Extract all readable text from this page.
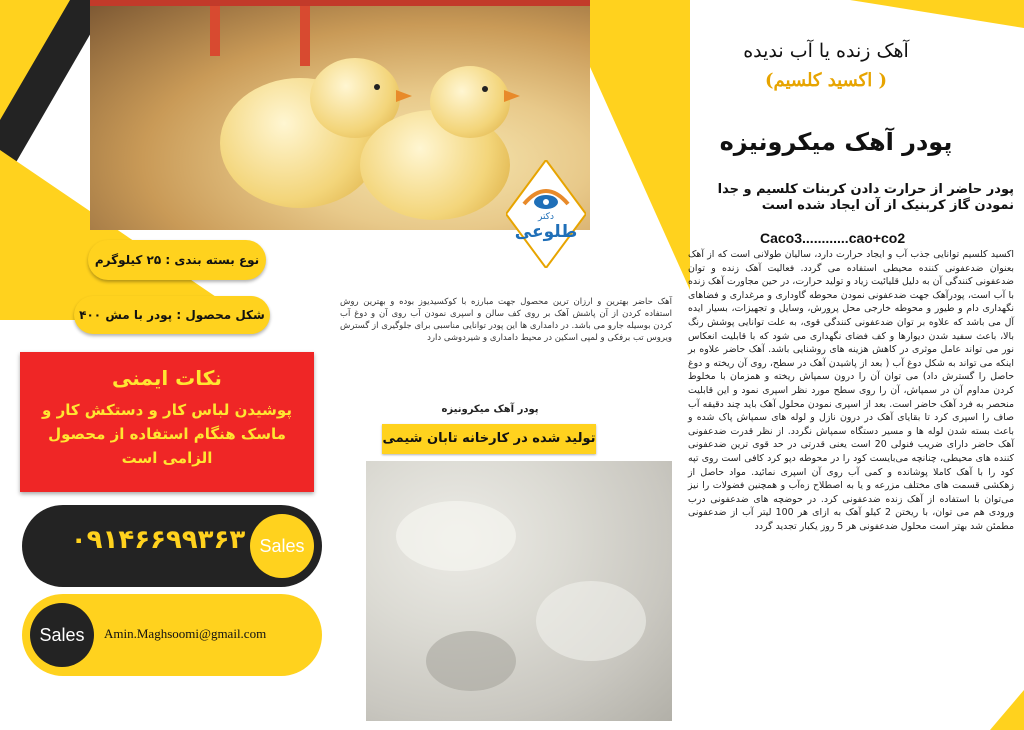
دکتر
طلوعی
نوع بسته بندی : ۲۵ کیلوگرم
شکل محصول : پودر با مش ۴۰۰
نکات ایمنی
پوشیدن لباس کار و دستکش کار و ماسک هنگام استفاده از محصول الزامی است
۰۹۱۴۶۶۹۹۳۶۳ Sales
Sales	Amin.Maghsoomi@gmail.com
آهک حاضر بهترین و ارزان ترین محصول جهت مبارزه با کوکسیدیوز بوده و بهترین روش استفاده کردن از آن پاشش آهک بر روی کف سالن و اسپری نمودن آب روی آن و دوغ آب کردن بوسیله جارو می باشد. در دامداری ها این پودر توانایی مناسبی برای جلوگیری از گسترش ویروس تب برفکی و لمپی اسکین در محیط دامداری و شیردوشی دارد
پودر آهک میکرونیزه
تولید شده در کارخانه تابان شیمی
آهک زنده یا آب ندیده
( اکسید کلسیم)
پودر آهک میکرونیزه
پودر حاضر از حرارت دادن کربنات کلسیم و جدا نمودن گاز کربنیک از آن ایجاد شده است
Caco3............cao+co2
اکسید کلسیم توانایی جذب آب و ایجاد حرارت دارد، سالیان طولانی است که از آهک بعنوان ضدعفونی کننده محیطی استفاده می گردد. فعالیت آهک زنده و توان ضدعفونی کنندگی آن به دلیل قلیائیت زیاد و تولید حرارت، در حین مجاورت آهک زنده با آب است، پودرآهک جهت ضدعفونی نمودن محوطه گاوداری و مرغداری و فضاهای نگهداری دام و طیور و محوطه خارجی محل پرورش، وسایل و تجهیزات، بسیار ایده آل می باشد که علاوه بر توان ضدعفونی کنندگی قوی، به علت توانایی پوشش رنگ بالا، باعث سفید شدن دیوارها و کف فضای نگهداری می شود که با قابلیت انعکاس نور می تواند عامل موثری در کاهش هزینه های روشنایی باشد. آهک حاضر علاوه بر اینکه می تواند به شکل دوغ آب ( بعد از پاشیدن آهک در سطح، روی آن ریخته و دوغ حاصل را گسترش داد) می توان آن را درون سمپاش ریخته و همزمان با مخلوط کردن مداوم آن در سمپاش، آن را روی سطح مورد نظر اسپری نمود و این قابلیت منحصر به فرد آهک حاضر است. بعد از اسپری نمودن محلول آهک باید چند دقیقه آب صاف را اسپری کرد تا بقایای آهک در درون نازل و لوله های سمپاش پاک شده و باعث بسته شدن لوله ها و مسیر دستگاه سمپاش نگردد. از نظر قدرت ضدعفونی آهک حاضر دارای ضریب فنولی 20 است یعنی قدرتی در حد قوی ترین ضدعفونی کننده های محیطی، چنانچه می‌بایست کود را در محوطه دپو کرد کافی است روی تپه کود را با آهک کاملا پوشانده و کمی آب روی آن اسپری نمائید. مواد حاصل از زهکشی قسمت های مختلف مزرعه و یا به اصطلاح زه‌آب و همچنین فضولات را نیز می‌توان با استفاده از آهک زنده ضدعفونی کرد. در حوضچه های ضدعفونی درب ورودی هم می توان، با ریختن 2 کیلو آهک به ازای هر 100 لیتر آب از ضدعفونی مطمئن شد بهتر است محلول ضدعفونی هر 5 روز یکبار تجدید گردد
